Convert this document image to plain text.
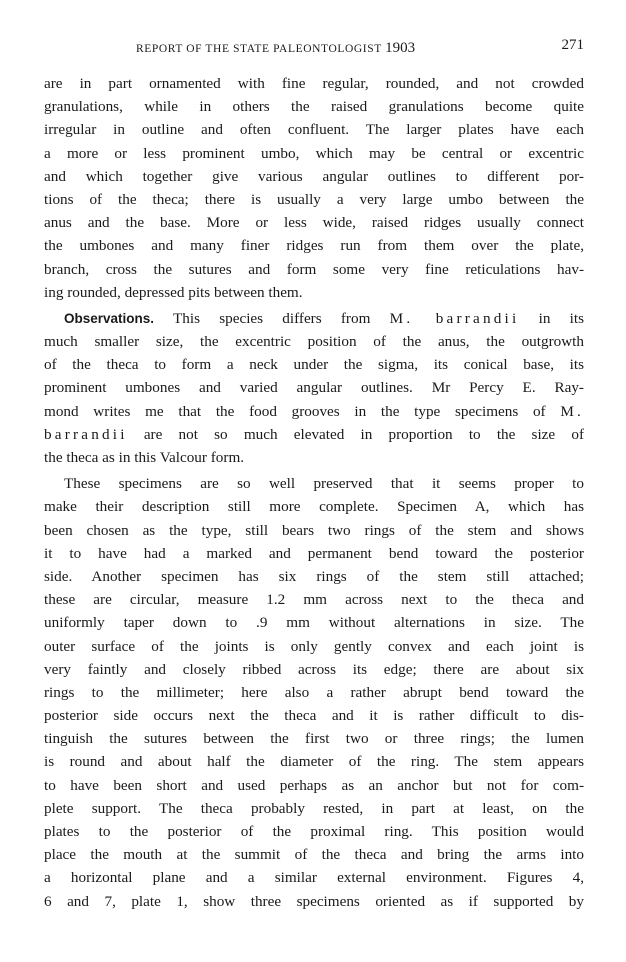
REPORT OF THE STATE PALEONTOLOGIST 1903	271
are in part ornamented with fine regular, rounded, and not crowded
granulations, while in others the raised granulations become quite
irregular in outline and often confluent. The larger plates have each
a more or less prominent umbo, which may be central or excentric
and which together give various angular outlines to different por-
tions of the theca; there is usually a very large umbo between the
anus and the base. More or less wide, raised ridges usually connect
the umbones and many finer ridges run from them over the plate,
branch, cross the sutures and form some very fine reticulations hav-
ing rounded, depressed pits between them.
Observations. This species differs from M. barrandii in its
much smaller size, the excentric position of the anus, the outgrowth
of the theca to form a neck under the sigma, its conical base, its
prominent umbones and varied angular outlines. Mr Percy E. Ray-
mond writes me that the food grooves in the type specimens of M.
barrandii are not so much elevated in proportion to the size of
the theca as in this Valcour form.
These specimens are so well preserved that it seems proper to
make their description still more complete. Specimen A, which has
been chosen as the type, still bears two rings of the stem and shows
it to have had a marked and permanent bend toward the posterior
side. Another specimen has six rings of the stem still attached;
these are circular, measure 1.2 mm across next to the theca and
uniformly taper down to .9 mm without alternations in size. The
outer surface of the joints is only gently convex and each joint is
very faintly and closely ribbed across its edge; there are about six
rings to the millimeter; here also a rather abrupt bend toward the
posterior side occurs next the theca and it is rather difficult to dis-
tinguish the sutures between the first two or three rings; the lumen
is round and about half the diameter of the ring. The stem appears
to have been short and used perhaps as an anchor but not for com-
plete support. The theca probably rested, in part at least, on the
plates to the posterior of the proximal ring. This position would
place the mouth at the summit of the theca and bring the arms into
a horizontal plane and a similar external environment. Figures 4,
6 and 7, plate 1, show three specimens oriented as if supported by
